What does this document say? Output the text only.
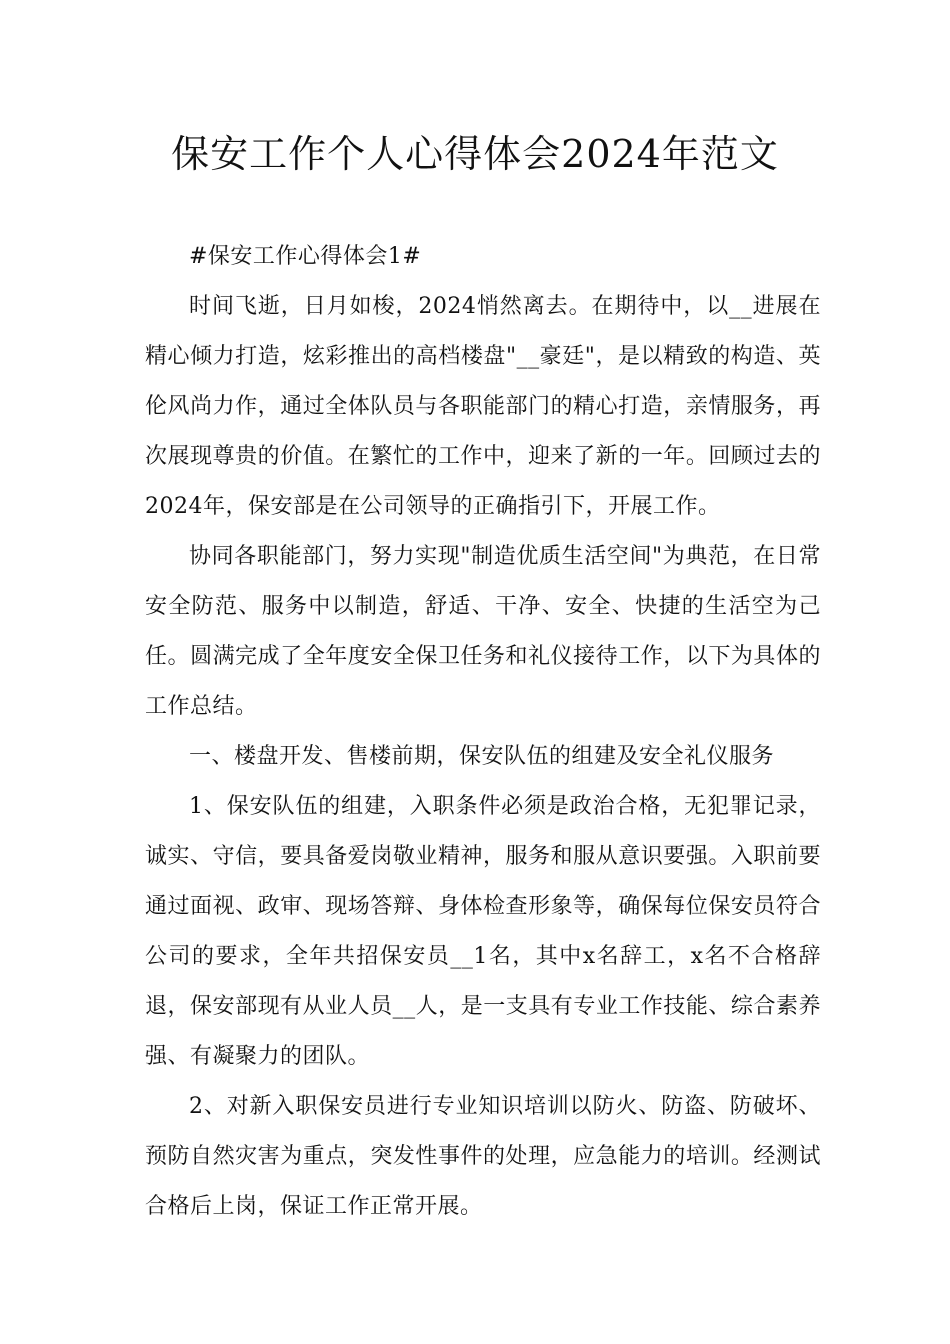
保安工作个人心得体会2024年范文

#保安工作心得体会1#

时间飞逝，日月如梭，2024悄然离去。在期待中，以__进展在精心倾力打造，炫彩推出的高档楼盘"__豪廷"，是以精致的构造、英伦风尚力作，通过全体队员与各职能部门的精心打造，亲情服务，再次展现尊贵的价值。在繁忙的工作中，迎来了新的一年。回顾过去的2024年，保安部是在公司领导的正确指引下，开展工作。

协同各职能部门，努力实现"制造优质生活空间"为典范，在日常安全防范、服务中以制造，舒适、干净、安全、快捷的生活空为己任。圆满完成了全年度安全保卫任务和礼仪接待工作，以下为具体的工作总结。

一、楼盘开发、售楼前期，保安队伍的组建及安全礼仪服务

1、保安队伍的组建，入职条件必须是政治合格，无犯罪记录，诚实、守信，要具备爱岗敬业精神，服务和服从意识要强。入职前要通过面视、政审、现场答辩、身体检查形象等，确保每位保安员符合公司的要求，全年共招保安员__1名，其中x名辞工，x名不合格辞退，保安部现有从业人员__人，是一支具有专业工作技能、综合素养强、有凝聚力的团队。

2、对新入职保安员进行专业知识培训以防火、防盗、防破坏、预防自然灾害为重点，突发性事件的处理，应急能力的培训。经测试合格后上岗，保证工作正常开展。
